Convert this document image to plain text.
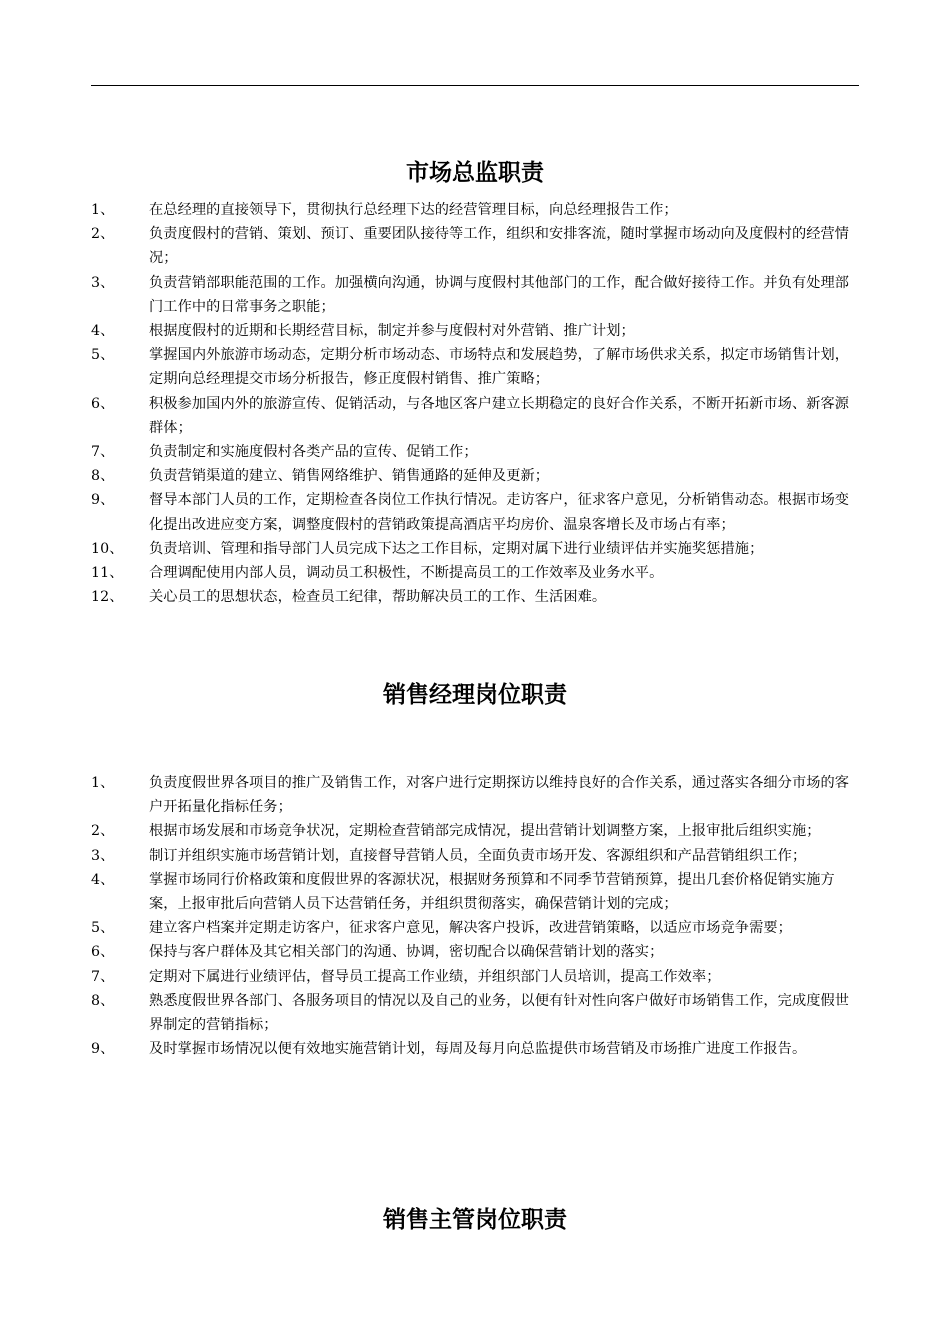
市场总监职责
1、	在总经理的直接领导下，贯彻执行总经理下达的经营管理目标，向总经理报告工作；
2、	负责度假村的营销、策划、预订、重要团队接待等工作，组织和安排客流，随时掌握市场动向及度假村的经营情况；
3、	负责营销部职能范围的工作。加强横向沟通，协调与度假村其他部门的工作，配合做好接待工作。并负有处理部门工作中的日常事务之职能；
4、	根据度假村的近期和长期经营目标，制定并参与度假村对外营销、推广计划；
5、	掌握国内外旅游市场动态，定期分析市场动态、市场特点和发展趋势，了解市场供求关系，拟定市场销售计划，定期向总经理提交市场分析报告，修正度假村销售、推广策略；
6、	积极参加国内外的旅游宣传、促销活动，与各地区客户建立长期稳定的良好合作关系，不断开拓新市场、新客源群体；
7、	负责制定和实施度假村各类产品的宣传、促销工作；
8、	负责营销渠道的建立、销售网络维护、销售通路的延伸及更新；
9、	督导本部门人员的工作，定期检查各岗位工作执行情况。走访客户，征求客户意见，分析销售动态。根据市场变化提出改进应变方案，调整度假村的营销政策提高酒店平均房价、温泉客增长及市场占有率；
10、	负责培训、管理和指导部门人员完成下达之工作目标，定期对属下进行业绩评估并实施奖惩措施；
11、	合理调配使用内部人员，调动员工积极性，不断提高员工的工作效率及业务水平。
12、	关心员工的思想状态，检查员工纪律，帮助解决员工的工作、生活困难。
销售经理岗位职责
1、	负责度假世界各项目的推广及销售工作，对客户进行定期探访以维持良好的合作关系，通过落实各细分市场的客户开拓量化指标任务；
2、	根据市场发展和市场竞争状况，定期检查营销部完成情况，提出营销计划调整方案，上报审批后组织实施；
3、	制订并组织实施市场营销计划，直接督导营销人员，全面负责市场开发、客源组织和产品营销组织工作；
4、	掌握市场同行价格政策和度假世界的客源状况，根据财务预算和不同季节营销预算，提出几套价格促销实施方案，上报审批后向营销人员下达营销任务，并组织贯彻落实，确保营销计划的完成；
5、	建立客户档案并定期走访客户，征求客户意见，解决客户投诉，改进营销策略，以适应市场竞争需要；
6、	保持与客户群体及其它相关部门的沟通、协调，密切配合以确保营销计划的落实；
7、	定期对下属进行业绩评估，督导员工提高工作业绩，并组织部门人员培训，提高工作效率；
8、	熟悉度假世界各部门、各服务项目的情况以及自己的业务，以便有针对性向客户做好市场销售工作，完成度假世界制定的营销指标；
9、	及时掌握市场情况以便有效地实施营销计划，每周及每月向总监提供市场营销及市场推广进度工作报告。
销售主管岗位职责
